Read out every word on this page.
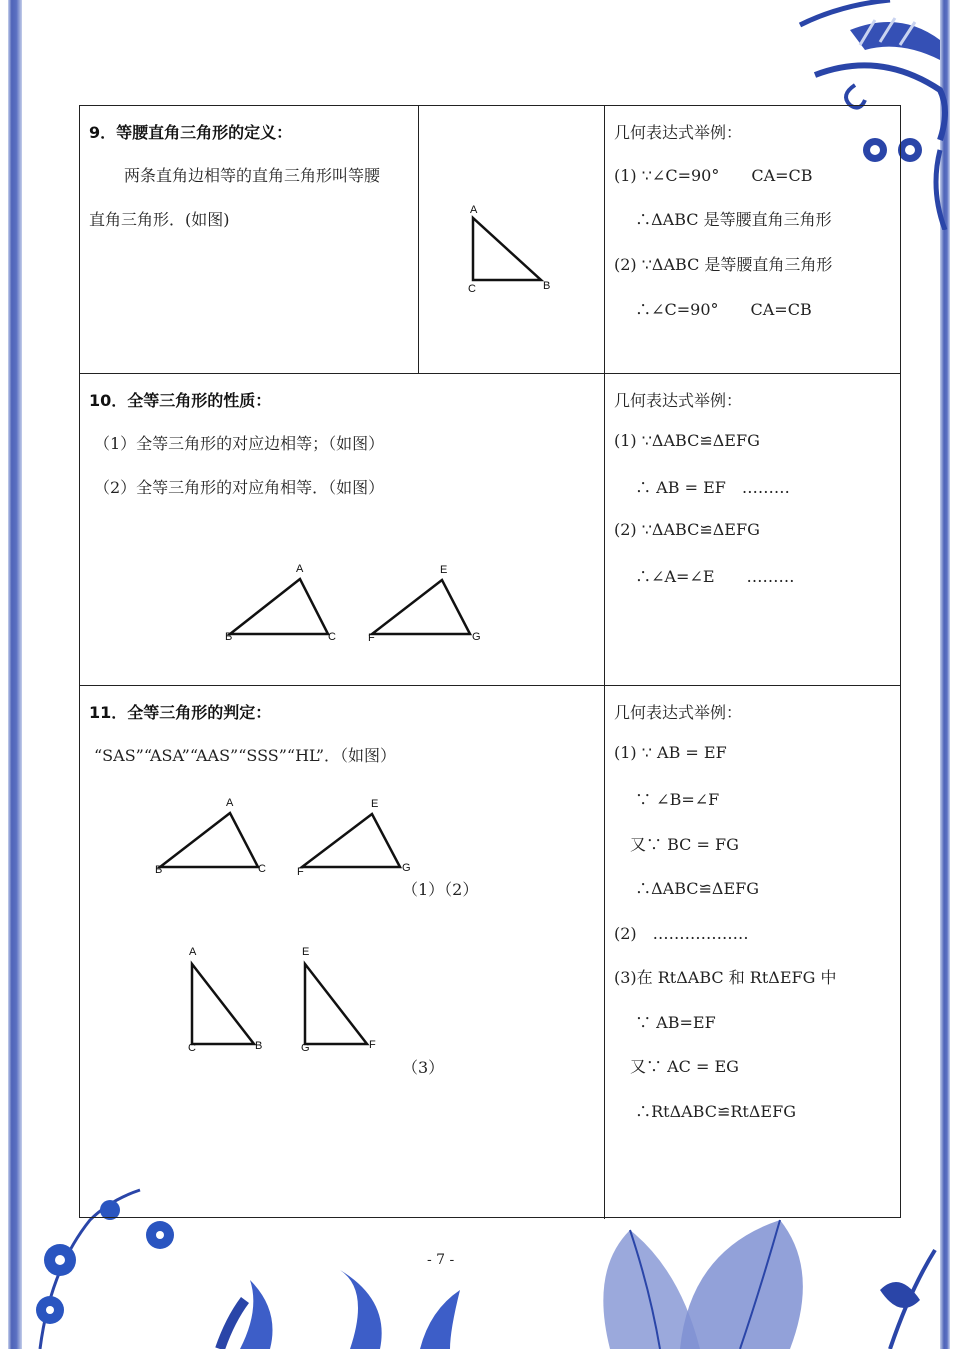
9．等腰直角三角形的定义：
两条直角边相等的直角三角形叫等腰
直角三角形．(如图)	A
C	B
几何表达式举例：
(1) ∵∠C=90°　　CA=CB
　 ∴ΔABC 是等腰直角三角形
(2) ∵ΔABC 是等腰直角三角形
　 ∴∠C=90°　　CA=CB
10．全等三角形的性质：
（1）全等三角形的对应边相等；（如图）
（2）全等三角形的对应角相等．（如图）
A
B	C
E
F	G
几何表达式举例：
(1) ∵ΔABC≌ΔEFG
　 ∴ AB = EF　………
(2) ∵ΔABC≌ΔEFG
　 ∴∠A=∠E　　………
11．全等三角形的判定：
“SAS”“ASA”“AAS”“SSS”“HL”．（如图）
A
B	C
E
F	G
（1）（2）
A
C	B
E
G	F
（3）
几何表达式举例：
(1) ∵ AB = EF
　 ∵ ∠B=∠F
　又∵ BC = FG
　 ∴ΔABC≌ΔEFG
(2)　………………
(3)在 RtΔABC 和 RtΔEFG 中
　 ∵ AB=EF
　又∵ AC = EG
　 ∴RtΔABC≌RtΔEFG
- 7 -
